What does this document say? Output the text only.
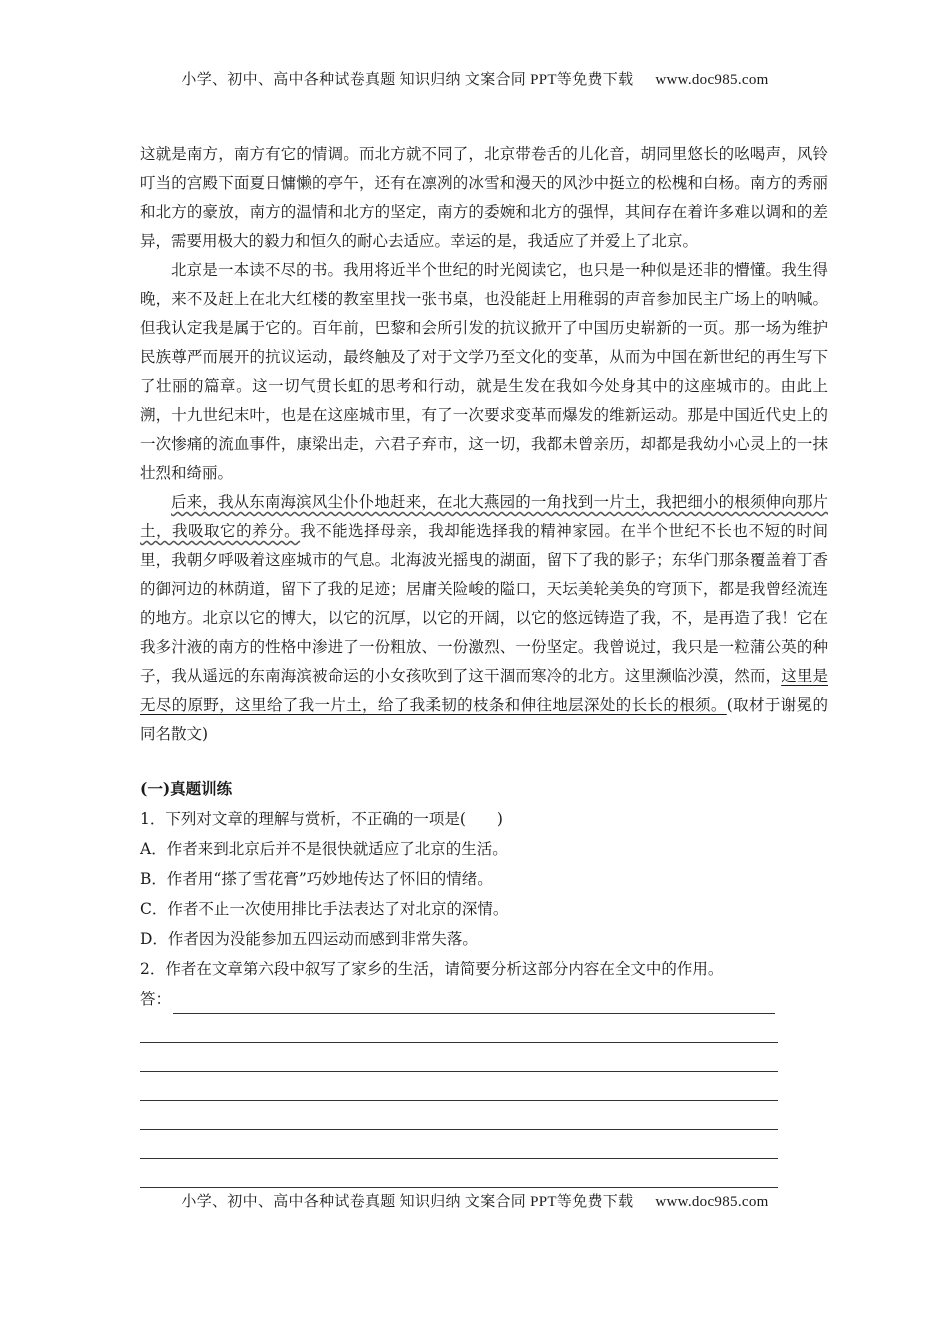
小学、初中、高中各种试卷真题 知识归纳 文案合同 PPT等免费下载 www.doc985.com

这就是南方，南方有它的情调。而北方就不同了，北京带卷舌的儿化音，胡同里悠长的吆喝声，风铃叮当的宫殿下面夏日慵懒的亭午，还有在凛冽的冰雪和漫天的风沙中挺立的松槐和白杨。南方的秀丽和北方的豪放，南方的温情和北方的坚定，南方的委婉和北方的强悍，其间存在着许多难以调和的差异，需要用极大的毅力和恒久的耐心去适应。幸运的是，我适应了并爱上了北京。

北京是一本读不尽的书。我用将近半个世纪的时光阅读它，也只是一种似是还非的懵懂。我生得晚，来不及赶上在北大红楼的教室里找一张书桌，也没能赶上用稚弱的声音参加民主广场上的呐喊。但我认定我是属于它的。百年前，巴黎和会所引发的抗议掀开了中国历史崭新的一页。那一场为维护民族尊严而展开的抗议运动，最终触及了对于文学乃至文化的变革，从而为中国在新世纪的再生写下了壮丽的篇章。这一切气贯长虹的思考和行动，就是生发在我如今处身其中的这座城市的。由此上溯，十九世纪末叶，也是在这座城市里，有了一次要求变革而爆发的维新运动。那是中国近代史上的一次惨痛的流血事件，康梁出走，六君子弃市，这一切，我都未曾亲历，却都是我幼小心灵上的一抹壮烈和绮丽。

后来，我从东南海滨风尘仆仆地赶来，在北大燕园的一角找到一片土，我把细小的根须伸向那片土，我吸取它的养分。我不能选择母亲，我却能选择我的精神家园。在半个世纪不长也不短的时间里，我朝夕呼吸着这座城市的气息。北海波光摇曳的湖面，留下了我的影子；东华门那条覆盖着丁香的御河边的林荫道，留下了我的足迹；居庸关险峻的隘口，天坛美轮美奂的穹顶下，都是我曾经流连的地方。北京以它的博大，以它的沉厚，以它的开阔，以它的悠远铸造了我，不，是再造了我！它在我多汁液的南方的性格中渗进了一份粗放、一份激烈、一份坚定。我曾说过，我只是一粒蒲公英的种子，我从遥远的东南海滨被命运的小女孩吹到了这干涸而寒冷的北方。这里濒临沙漠，然而，这里是无尽的原野，这里给了我一片土，给了我柔韧的枝条和伸往地层深处的长长的根须。(取材于谢冕的同名散文)

(一)真题训练
1．下列对文章的理解与赏析，不正确的一项是(　　)
A．作者来到北京后并不是很快就适应了北京的生活。
B．作者用“搽了雪花膏”巧妙地传达了怀旧的情绪。
C．作者不止一次使用排比手法表达了对北京的深情。
D．作者因为没能参加五四运动而感到非常失落。
2．作者在文章第六段中叙写了家乡的生活，请简要分析这部分内容在全文中的作用。
答：
小学、初中、高中各种试卷真题 知识归纳 文案合同 PPT等免费下载 www.doc985.com
